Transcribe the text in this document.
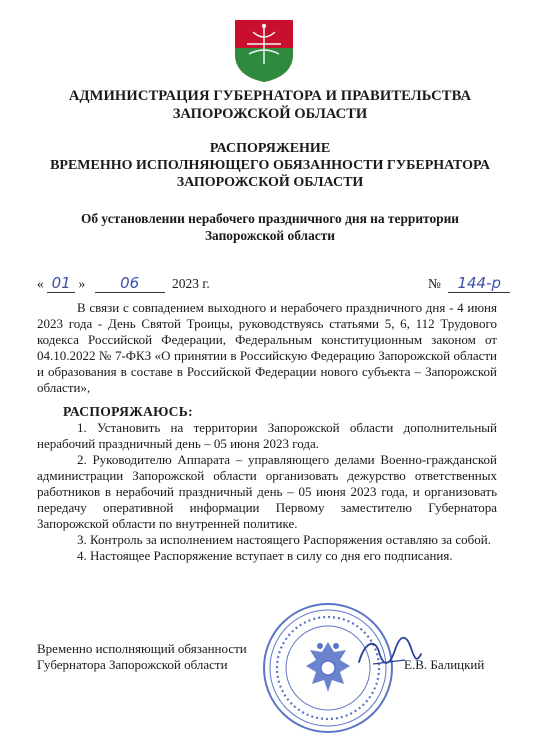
АДМИНИСТРАЦИЯ ГУБЕРНАТОРА И ПРАВИТЕЛЬСТВА
ЗАПОРОЖСКОЙ ОБЛАСТИ
РАСПОРЯЖЕНИЕ
ВРЕМЕННО ИСПОЛНЯЮЩЕГО ОБЯЗАННОСТИ ГУБЕРНАТОРА
ЗАПОРОЖСКОЙ ОБЛАСТИ
Об установлении нерабочего праздничного дня на территории
Запорожской области
« 01 » 06 2023 г.	№ 144-р
В связи с совпадением выходного и нерабочего праздничного дня - 4 июня 2023 года - День Святой Троицы, руководствуясь статьями 5, 6, 112 Трудового кодекса Российской Федерации, Федеральным конституционным законом от 04.10.2022 № 7-ФКЗ «О принятии в Российскую Федерацию Запорожской области и образования в составе в Российской Федерации нового субъекта – Запорожской области»,
РАСПОРЯЖАЮСЬ:

1. Установить на территории Запорожской области дополнительный нерабочий праздничный день – 05 июня 2023 года.

2. Руководителю Аппарата – управляющего делами Военно-гражданской администрации Запорожской области организовать дежурство ответственных работников в нерабочий праздничный день – 05 июня 2023 года, и организовать передачу оперативной информации Первому заместителю Губернатора Запорожской области по внутренней политике.

3. Контроль за исполнением настоящего Распоряжения оставляю за собой.

4. Настоящее Распоряжение вступает в силу со дня его подписания.

Временно исполняющий обязанности
Губернатора Запорожской области	Е.В. Балицкий
